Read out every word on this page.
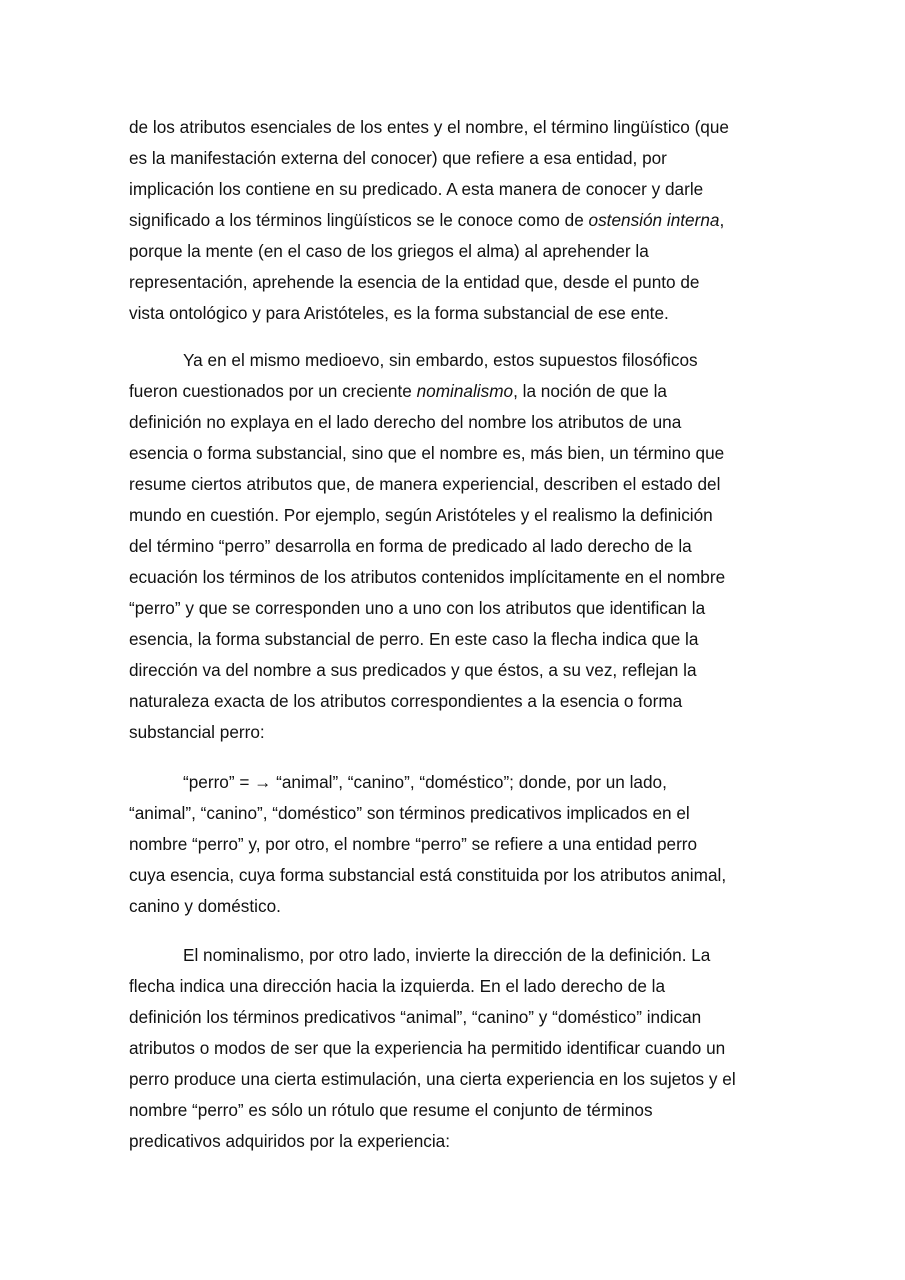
de los atributos esenciales de los entes y el nombre, el término lingüístico (que
es la manifestación externa del conocer) que refiere a esa entidad, por
implicación los contiene en su predicado. A esta manera de conocer y darle
significado a los términos lingüísticos se le conoce como de ostensión interna,
porque la mente (en el caso de los griegos el alma) al aprehender la
representación, aprehende la esencia de la entidad que, desde el punto de
vista ontológico y para Aristóteles, es la forma substancial de ese ente.
Ya en el mismo medioevo, sin embardo, estos supuestos filosóficos
fueron cuestionados por un creciente nominalismo, la noción de que la
definición no explaya en el lado derecho del nombre los atributos de una
esencia o forma substancial, sino que el nombre es, más bien, un término que
resume ciertos atributos que, de manera experiencial, describen el estado del
mundo en cuestión. Por ejemplo, según Aristóteles y el realismo la definición
del término “perro” desarrolla en forma de predicado al lado derecho de la
ecuación los términos de los atributos contenidos implícitamente en el nombre
“perro” y que se corresponden uno a uno con los atributos que identifican la
esencia, la forma substancial de perro. En este caso la flecha indica que la
dirección va del nombre a sus predicados y que éstos, a su vez, reflejan la
naturaleza exacta de los atributos correspondientes a la esencia o forma
substancial perro:
“perro” = → “animal”, “canino”, “doméstico”; donde, por un lado,
“animal”, “canino”, “doméstico” son términos predicativos implicados en el
nombre “perro” y, por otro, el nombre “perro” se refiere a una entidad perro
cuya esencia, cuya forma substancial está constituida por los atributos animal,
canino y doméstico.
El nominalismo, por otro lado, invierte la dirección de la definición. La
flecha indica una dirección hacia la izquierda. En el lado derecho de la
definición los términos predicativos “animal”, “canino” y “doméstico” indican
atributos o modos de ser que la experiencia ha permitido identificar cuando un
perro produce una cierta estimulación, una cierta experiencia en los sujetos y el
nombre “perro” es sólo un rótulo que resume el conjunto de términos
predicativos adquiridos por la experiencia:
